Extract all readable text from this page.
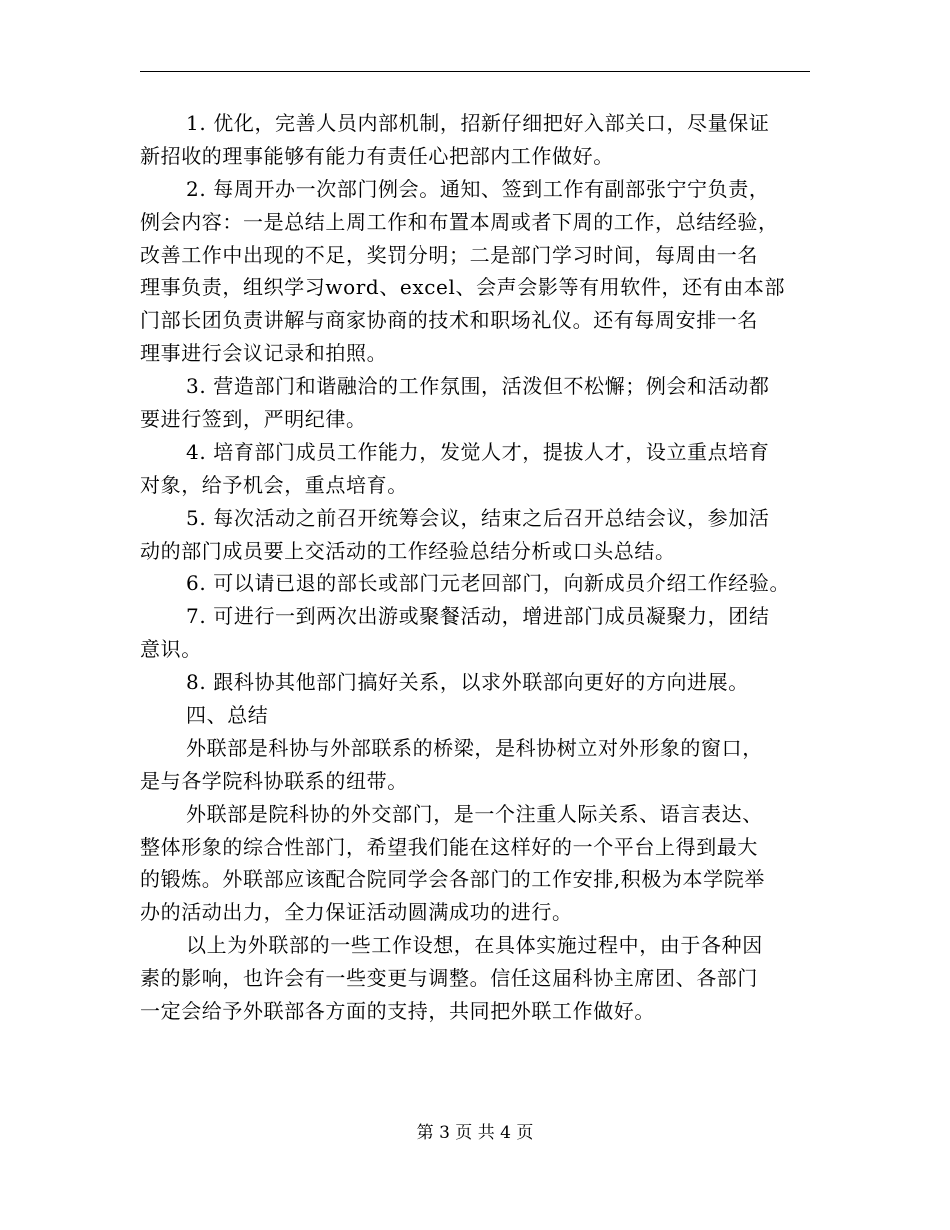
1. 优化，完善人员内部机制，招新仔细把好入部关口，尽量保证
新招收的理事能够有能力有责任心把部内工作做好。
2. 每周开办一次部门例会。通知、签到工作有副部张宁宁负责，
例会内容：一是总结上周工作和布置本周或者下周的工作，总结经验，
改善工作中出现的不足，奖罚分明；二是部门学习时间，每周由一名
理事负责，组织学习word、excel、会声会影等有用软件，还有由本部
门部长团负责讲解与商家协商的技术和职场礼仪。还有每周安排一名
理事进行会议记录和拍照。
3. 营造部门和谐融洽的工作氛围，活泼但不松懈；例会和活动都
要进行签到，严明纪律。
4. 培育部门成员工作能力，发觉人才，提拔人才，设立重点培育
对象，给予机会，重点培育。
5. 每次活动之前召开统筹会议，结束之后召开总结会议，参加活
动的部门成员要上交活动的工作经验总结分析或口头总结。
6. 可以请已退的部长或部门元老回部门，向新成员介绍工作经验。
7. 可进行一到两次出游或聚餐活动，增进部门成员凝聚力，团结
意识。
8. 跟科协其他部门搞好关系，以求外联部向更好的方向进展。
四、总结
外联部是科协与外部联系的桥梁，是科协树立对外形象的窗口，
是与各学院科协联系的纽带。
外联部是院科协的外交部门，是一个注重人际关系、语言表达、
整体形象的综合性部门，希望我们能在这样好的一个平台上得到最大
的锻炼。外联部应该配合院同学会各部门的工作安排,积极为本学院举
办的活动出力，全力保证活动圆满成功的进行。
以上为外联部的一些工作设想，在具体实施过程中，由于各种因
素的影响，也许会有一些变更与调整。信任这届科协主席团、各部门
一定会给予外联部各方面的支持，共同把外联工作做好。
第 3 页 共 4 页
